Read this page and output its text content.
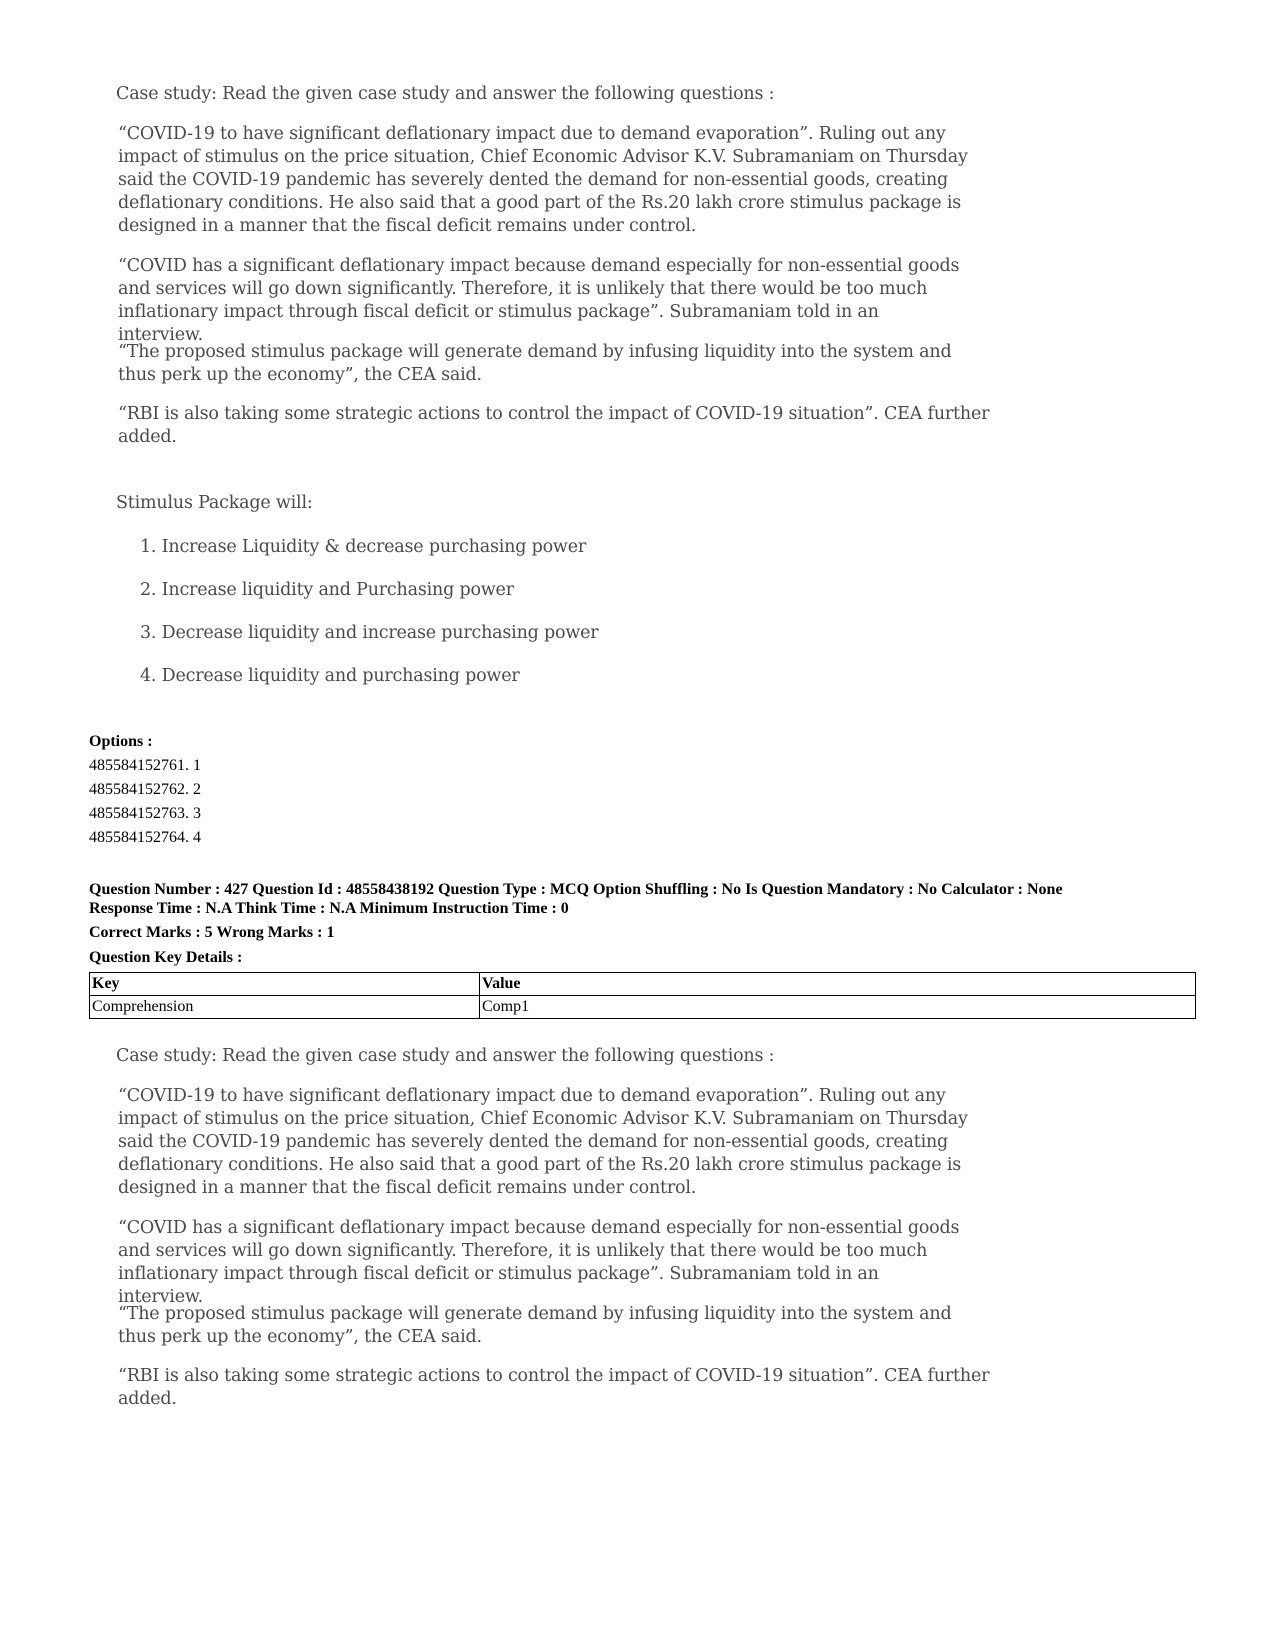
Case study: Read the given case study and answer the following questions :

“COVID-19 to have significant deflationary impact due to demand evaporation”. Ruling out any impact of stimulus on the price situation, Chief Economic Advisor K.V. Subramaniam on Thursday said the COVID-19 pandemic has severely dented the demand for non-essential goods, creating deflationary conditions. He also said that a good part of the Rs.20 lakh crore stimulus package is designed in a manner that the fiscal deficit remains under control.

“COVID has a significant deflationary impact because demand especially for non-essential goods and services will go down significantly. Therefore, it is unlikely that there would be too much inflationary impact through fiscal deficit or stimulus package”. Subramaniam told in an interview.

“The proposed stimulus package will generate demand by infusing liquidity into the system and thus perk up the economy”, the CEA said.

“RBI is also taking some strategic actions to control the impact of COVID-19 situation”. CEA further added.

Stimulus Package will:

1. Increase Liquidity & decrease purchasing power

2. Increase liquidity and Purchasing power

3. Decrease liquidity and increase purchasing power

4. Decrease liquidity and purchasing power

Options :
485584152761. 1
485584152762. 2
485584152763. 3
485584152764. 4
Question Number : 427 Question Id : 48558438192 Question Type : MCQ Option Shuffling : No Is Question Mandatory : No Calculator : None
Response Time : N.A Think Time : N.A Minimum Instruction Time : 0
Correct Marks : 5 Wrong Marks : 1
Question Key Details :
Key	Value
Comprehension	Comp1

Case study: Read the given case study and answer the following questions :

“COVID-19 to have significant deflationary impact due to demand evaporation”. Ruling out any impact of stimulus on the price situation, Chief Economic Advisor K.V. Subramaniam on Thursday said the COVID-19 pandemic has severely dented the demand for non-essential goods, creating deflationary conditions. He also said that a good part of the Rs.20 lakh crore stimulus package is designed in a manner that the fiscal deficit remains under control.

“COVID has a significant deflationary impact because demand especially for non-essential goods and services will go down significantly. Therefore, it is unlikely that there would be too much inflationary impact through fiscal deficit or stimulus package”. Subramaniam told in an interview.

“The proposed stimulus package will generate demand by infusing liquidity into the system and thus perk up the economy”, the CEA said.

“RBI is also taking some strategic actions to control the impact of COVID-19 situation”. CEA further added.
